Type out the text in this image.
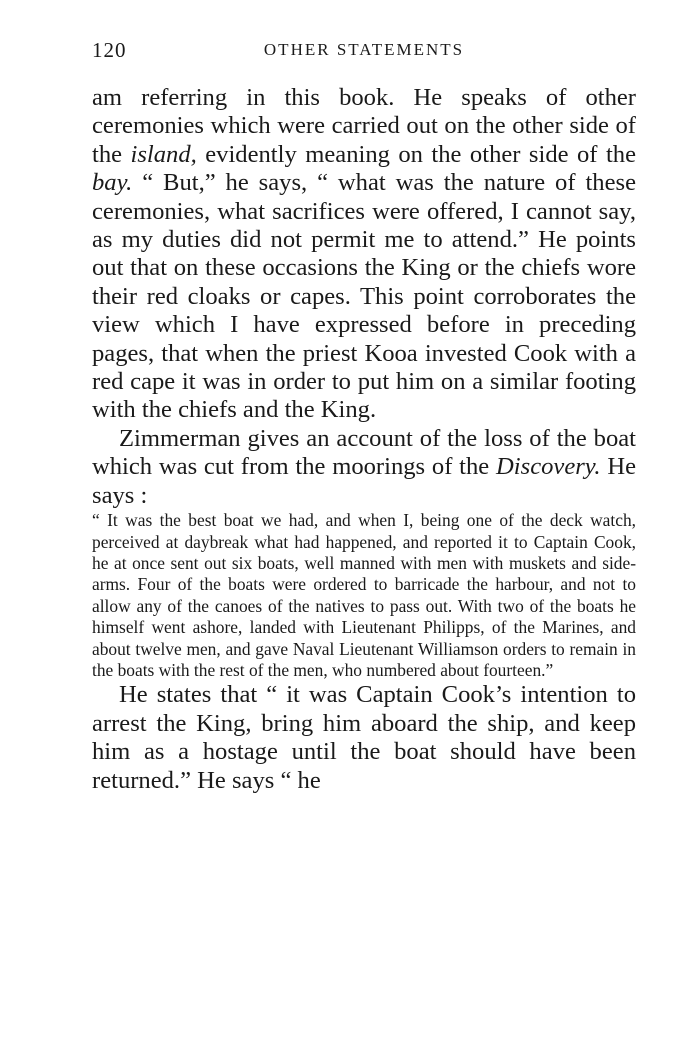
120	OTHER STATEMENTS

am referring in this book. He speaks of other ceremonies which were carried out on the other side of the island, evidently meaning on the other side of the bay. “ But,” he says, “ what was the nature of these ceremonies, what sacrifices were offered, I cannot say, as my duties did not permit me to attend.” He points out that on these occasions the King or the chiefs wore their red cloaks or capes. This point corroborates the view which I have expressed before in preceding pages, that when the priest Kooa invested Cook with a red cape it was in order to put him on a similar footing with the chiefs and the King.

Zimmerman gives an account of the loss of the boat which was cut from the moorings of the Discovery. He says :

“ It was the best boat we had, and when I, being one of the deck watch, perceived at daybreak what had happened, and reported it to Captain Cook, he at once sent out six boats, well manned with men with muskets and side-arms. Four of the boats were ordered to barricade the harbour, and not to allow any of the canoes of the natives to pass out. With two of the boats he himself went ashore, landed with Lieutenant Philipps, of the Marines, and about twelve men, and gave Naval Lieutenant Williamson orders to remain in the boats with the rest of the men, who numbered about fourteen.”

He states that “ it was Captain Cook’s intention to arrest the King, bring him aboard the ship, and keep him as a hostage until the boat should have been returned.” He says “ he
